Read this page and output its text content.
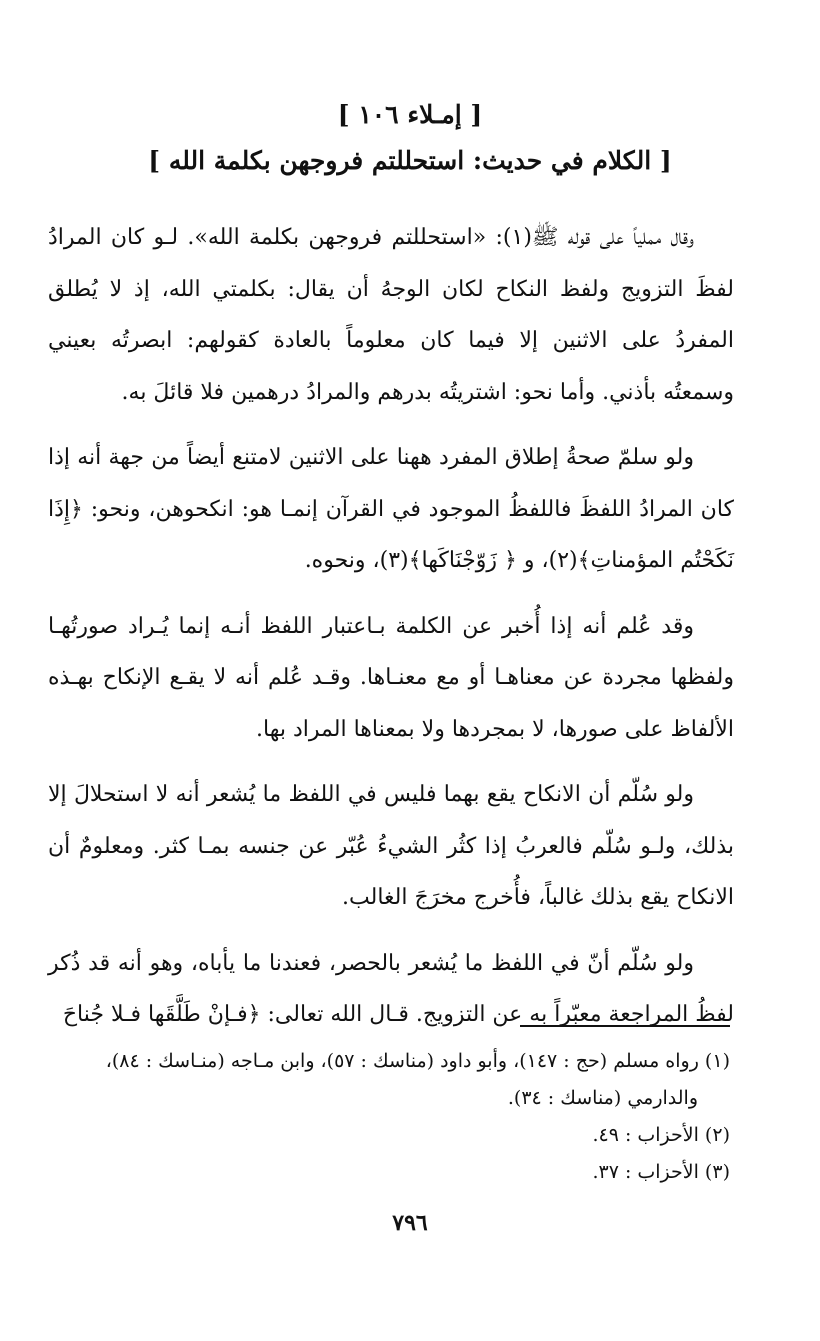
[ إمـلاء ١٠٦ ]
[ الكلام في حديث: استحللتم فروجهن بكلمة الله ]

وقال مملياً على قوله ﷺ(١): «استحللتم فروجهن بكلمة الله». لـو كان المرادُ لفظَ التزويج ولفظ النكاح لكان الوجهُ أن يقال: بكلمتي الله، إذ لا يُطلق المفردُ على الاثنين إلا فيما كان معلوماً بالعادة كقولهم: ابصرتُه بعيني وسمعتُه بأذني. وأما نحو: اشتريتُه بدرهم والمرادُ درهمين فلا قائلَ به.

ولو سلمّ صحةُ إطلاق المفرد ههنا على الاثنين لامتنع أيضاً من جهة أنه إذا كان المرادُ اللفظَ فاللفظُ الموجود في القرآن إنمـا هو: انكحوهن، ونحو: ﴿إِذَا نَكَحْتُم المؤمناتِ﴾(٢)، و ﴿ زَوّجْنَاكَها﴾(٣)، ونحوه.

وقد عُلم أنه إذا أُخبر عن الكلمة بـاعتبار اللفظ أنـه إنما يُـراد صورتُهـا ولفظها مجردة عن معناهـا أو مع معنـاها. وقـد عُلم أنه لا يقـع الإنكاح بهـذه الألفاظ على صورها، لا بمجردها ولا بمعناها المراد بها.

ولو سُلّم أن الانكاح يقع بهما فليس في اللفظ ما يُشعر أنه لا استحلالَ إلا بذلك، ولـو سُلّم فالعربُ إذا كثُر الشيءُ عُبّر عن جنسه بمـا كثر. ومعلومٌ أن الانكاح يقع بذلك غالباً، فأُخرج مخرَجَ الغالب.

ولو سُلّم أنّ في اللفظ ما يُشعر بالحصر، فعندنا ما يأباه، وهو أنه قد ذُكر لفظُ المراجعة معبّراً به عن التزويج. قـال الله تعالى: ﴿فـإنْ طَلَّقَها فـلا جُناحَ

(١) رواه مسلم (حج : ١٤٧)، وأبو داود (مناسك : ٥٧)، وابن مـاجه (منـاسك : ٨٤)،

والدارمي (مناسك : ٣٤).

(٢) الأحزاب : ٤٩.

(٣) الأحزاب : ٣٧.

٧٩٦
